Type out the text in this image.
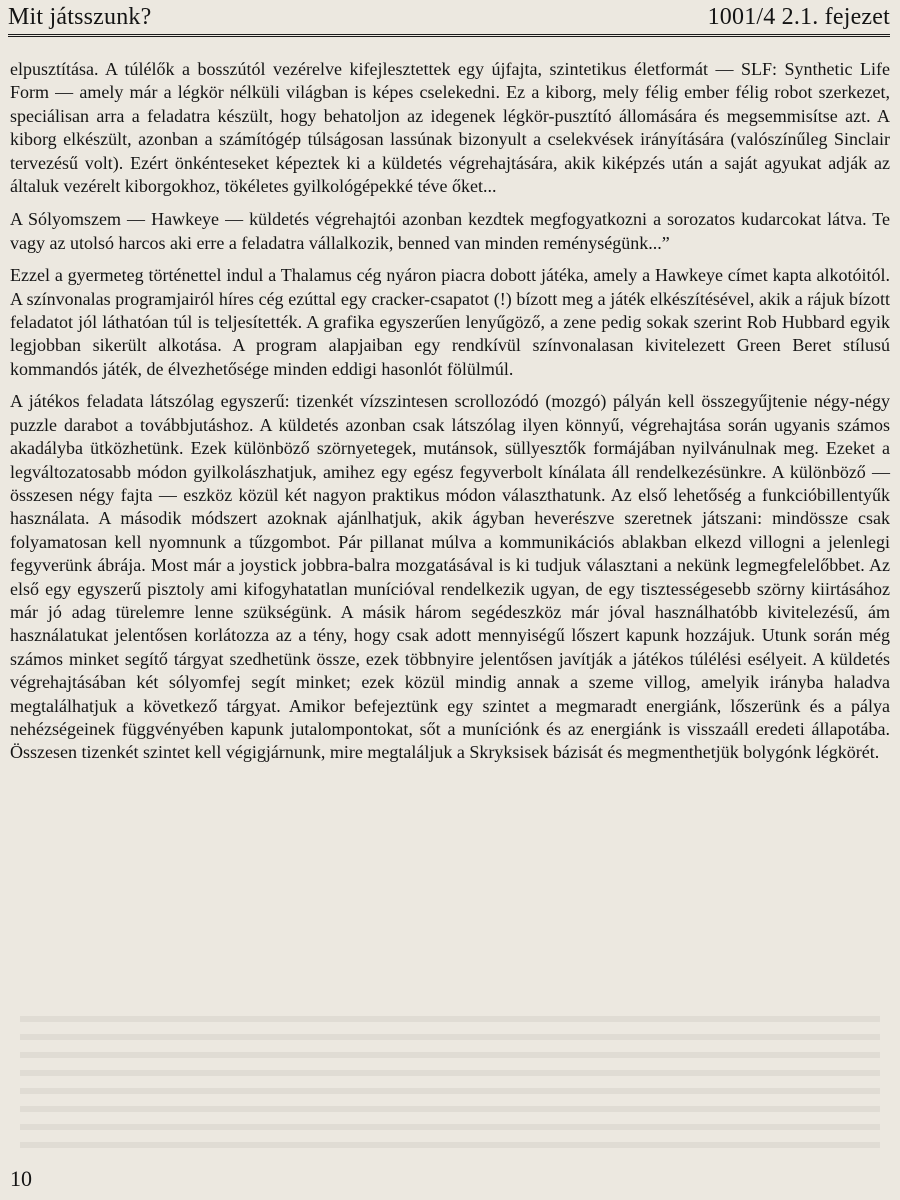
Mit játsszunk?	1001/4 2.1. fejezet

elpusztítása. A túlélők a bosszútól vezérelve kifejlesztettek egy újfajta, szintetikus életformát — SLF: Synthetic Life Form — amely már a légkör nélküli világban is képes cselekedni. Ez a kiborg, mely félig ember félig robot szerkezet, speciálisan arra a feladatra készült, hogy behatoljon az idegenek légkör-pusztító állomására és megsemmisítse azt. A kiborg elkészült, azonban a számítógép túlságosan lassúnak bizonyult a cselekvések irányítására (valószínűleg Sinclair tervezésű volt). Ezért önkénteseket képeztek ki a küldetés végrehajtására, akik kiképzés után a saját agyukat adják az általuk vezérelt kiborgokhoz, tökéletes gyilkológépekké téve őket...

A Sólyomszem — Hawkeye — küldetés végrehajtói azonban kezdtek megfogyatkozni a sorozatos kudarcokat látva. Te vagy az utolsó harcos aki erre a feladatra vállalkozik, benned van minden reménységünk...”

Ezzel a gyermeteg történettel indul a Thalamus cég nyáron piacra dobott játéka, amely a Hawkeye címet kapta alkotóitól. A színvonalas programjairól híres cég ezúttal egy cracker-csapatot (!) bízott meg a játék elkészítésével, akik a rájuk bízott feladatot jól láthatóan túl is teljesítették. A grafika egyszerűen lenyűgöző, a zene pedig sokak szerint Rob Hubbard egyik legjobban sikerült alkotása. A program alapjaiban egy rendkívül színvonalasan kivitelezett Green Beret stílusú kommandós játék, de élvezhetősége minden eddigi hasonlót fölülmúl.

A játékos feladata látszólag egyszerű: tizenkét vízszintesen scrollozódó (mozgó) pályán kell összegyűjtenie négy-négy puzzle darabot a továbbjutáshoz. A küldetés azonban csak látszólag ilyen könnyű, végrehajtása során ugyanis számos akadályba ütközhetünk. Ezek különböző szörnyetegek, mutánsok, süllyesztők formájában nyilvánulnak meg. Ezeket a legváltozatosabb módon gyilkolászhatjuk, amihez egy egész fegyverbolt kínálata áll rendelkezésünkre. A különböző — összesen négy fajta — eszköz közül két nagyon praktikus módon választhatunk. Az első lehetőség a funkcióbillentyűk használata. A második módszert azoknak ajánlhatjuk, akik ágyban heverészve szeretnek játszani: mindössze csak folyamatosan kell nyomnunk a tűzgombot. Pár pillanat múlva a kommunikációs ablakban elkezd villogni a jelenlegi fegyverünk ábrája. Most már a joystick jobbra-balra mozgatásával is ki tudjuk választani a nekünk legmegfelelőbbet. Az első egy egyszerű pisztoly ami kifogyhatatlan munícióval rendelkezik ugyan, de egy tisztességesebb szörny kiirtásához már jó adag türelemre lenne szükségünk. A másik három segédeszköz már jóval használhatóbb kivitelezésű, ám használatukat jelentősen korlátozza az a tény, hogy csak adott mennyiségű lőszert kapunk hozzájuk. Utunk során még számos minket segítő tárgyat szedhetünk össze, ezek többnyire jelentősen javítják a játékos túlélési esélyeit. A küldetés végrehajtásában két sólyomfej segít minket; ezek közül mindig annak a szeme villog, amelyik irányba haladva megtalálhatjuk a következő tárgyat. Amikor befejeztünk egy szintet a megmaradt energiánk, lőszerünk és a pálya nehézségeinek függvényében kapunk jutalompontokat, sőt a muníciónk és az energiánk is visszaáll eredeti állapotába. Összesen tizenkét szintet kell végigjárnunk, mire megtaláljuk a Skryksisek bázisát és megmenthetjük bolygónk légkörét.

10
